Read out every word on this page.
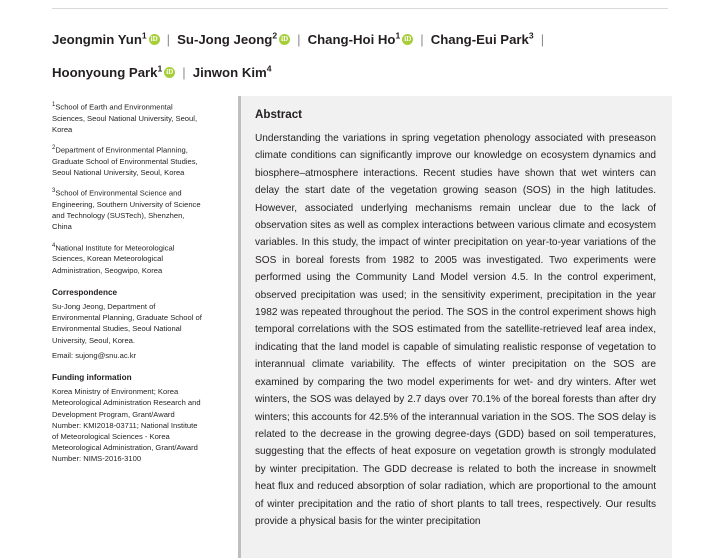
Jeongmin Yun$^1$ iD | Su-Jong Jeong$^2$ iD | Chang-Hoi Ho$^1$ iD | Chang-Eui Park$^3$ |
Hoonyoung Park$^1$ iD | Jinwon Kim$^4$
$^1$School of Earth and Environmental Sciences, Seoul National University, Seoul, Korea
$^2$Department of Environmental Planning, Graduate School of Environmental Studies, Seoul National University, Seoul, Korea
$^3$School of Environmental Science and Engineering, Southern University of Science and Technology (SUSTech), Shenzhen, China
$^4$National Institute for Meteorological Sciences, Korean Meteorological Administration, Seogwipo, Korea
Correspondence
Su-Jong Jeong, Department of Environmental Planning, Graduate School of Environmental Studies, Seoul National University, Seoul, Korea.
Email: sujong@snu.ac.kr
Funding information
Korea Ministry of Environment; Korea Meteorological Administration Research and Development Program, Grant/Award Number: KMI2018-03711; National Institute of Meteorological Sciences - Korea Meteorological Administration, Grant/Award Number: NIMS-2016-3100
Abstract

Understanding the variations in spring vegetation phenology associated with preseason climate conditions can significantly improve our knowledge on ecosystem dynamics and biosphere–atmosphere interactions. Recent studies have shown that wet winters can delay the start date of the vegetation growing season (SOS) in the high latitudes. However, associated underlying mechanisms remain unclear due to the lack of observation sites as well as complex interactions between various climate and ecosystem variables. In this study, the impact of winter precipitation on year-to-year variations of the SOS in boreal forests from 1982 to 2005 was investigated. Two experiments were performed using the Community Land Model version 4.5. In the control experiment, observed precipitation was used; in the sensitivity experiment, precipitation in the year 1982 was repeated throughout the period. The SOS in the control experiment shows high temporal correlations with the SOS estimated from the satellite-retrieved leaf area index, indicating that the land model is capable of simulating realistic response of vegetation to interannual climate variability. The effects of winter precipitation on the SOS are examined by comparing the two model experiments for wet- and dry winters. After wet winters, the SOS was delayed by 2.7 days over 70.1% of the boreal forests than after dry winters; this accounts for 42.5% of the interannual variation in the SOS. The SOS delay is related to the decrease in the growing degree-days (GDD) based on soil temperatures, suggesting that the effects of heat exposure on vegetation growth is strongly modulated by winter precipitation. The GDD decrease is related to both the increase in snowmelt heat flux and reduced absorption of solar radiation, which are proportional to the amount of winter precipitation and the ratio of short plants to tall trees, respectively. Our results provide a physical basis for the winter precipitation
